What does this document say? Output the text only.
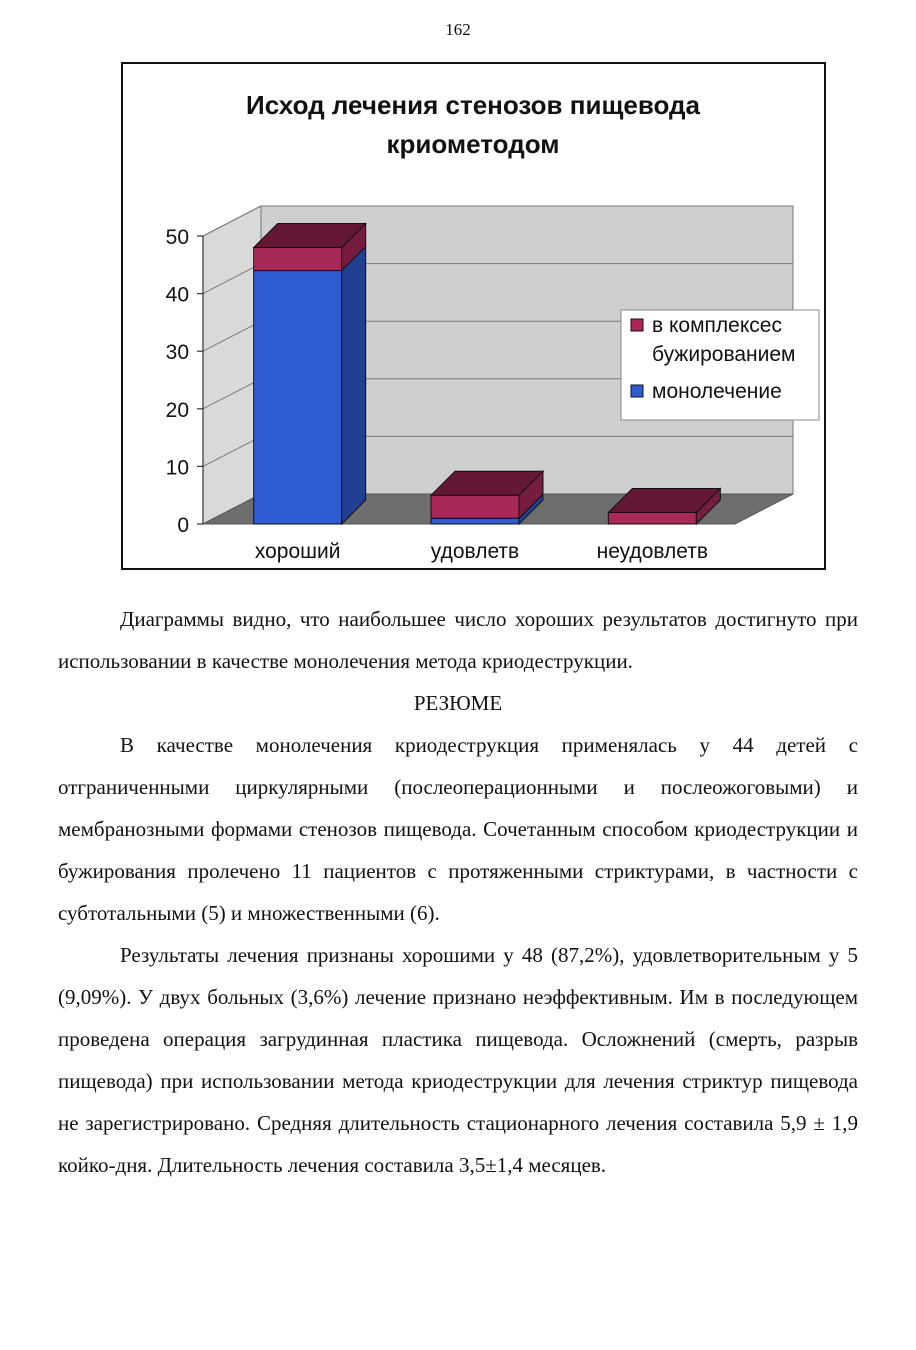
162
Исход лечения стенозов пищевода
криометодом
0
10
20
30
40
50
хороший	удовлетв	неудовлетв
в комплексес
бужированием
монолечение

Диаграммы видно, что наибольшее число хороших результатов достигнуто при использовании в качестве монолечения метода криодеструкции.

РЕЗЮМЕ

В качестве монолечения криодеструкция применялась у 44 детей с отграниченными циркулярными (послеоперационными и послеожоговыми) и мембранозными формами стенозов пищевода. Сочетанным способом криодеструкции и бужирования пролечено 11 пациентов с протяженными стриктурами, в частности с субтотальными (5) и множественными (6).

Результаты лечения признаны хорошими у 48 (87,2%), удовлетворительным у 5 (9,09%). У двух больных (3,6%) лечение признано неэффективным. Им в последующем проведена операция загрудинная пластика пищевода. Осложнений (смерть, разрыв пищевода) при использовании метода криодеструкции для лечения стриктур пищевода не зарегистрировано. Средняя длительность стационарного лечения составила 5,9 ± 1,9 койко-дня. Длительность лечения составила 3,5±1,4 месяцев.
